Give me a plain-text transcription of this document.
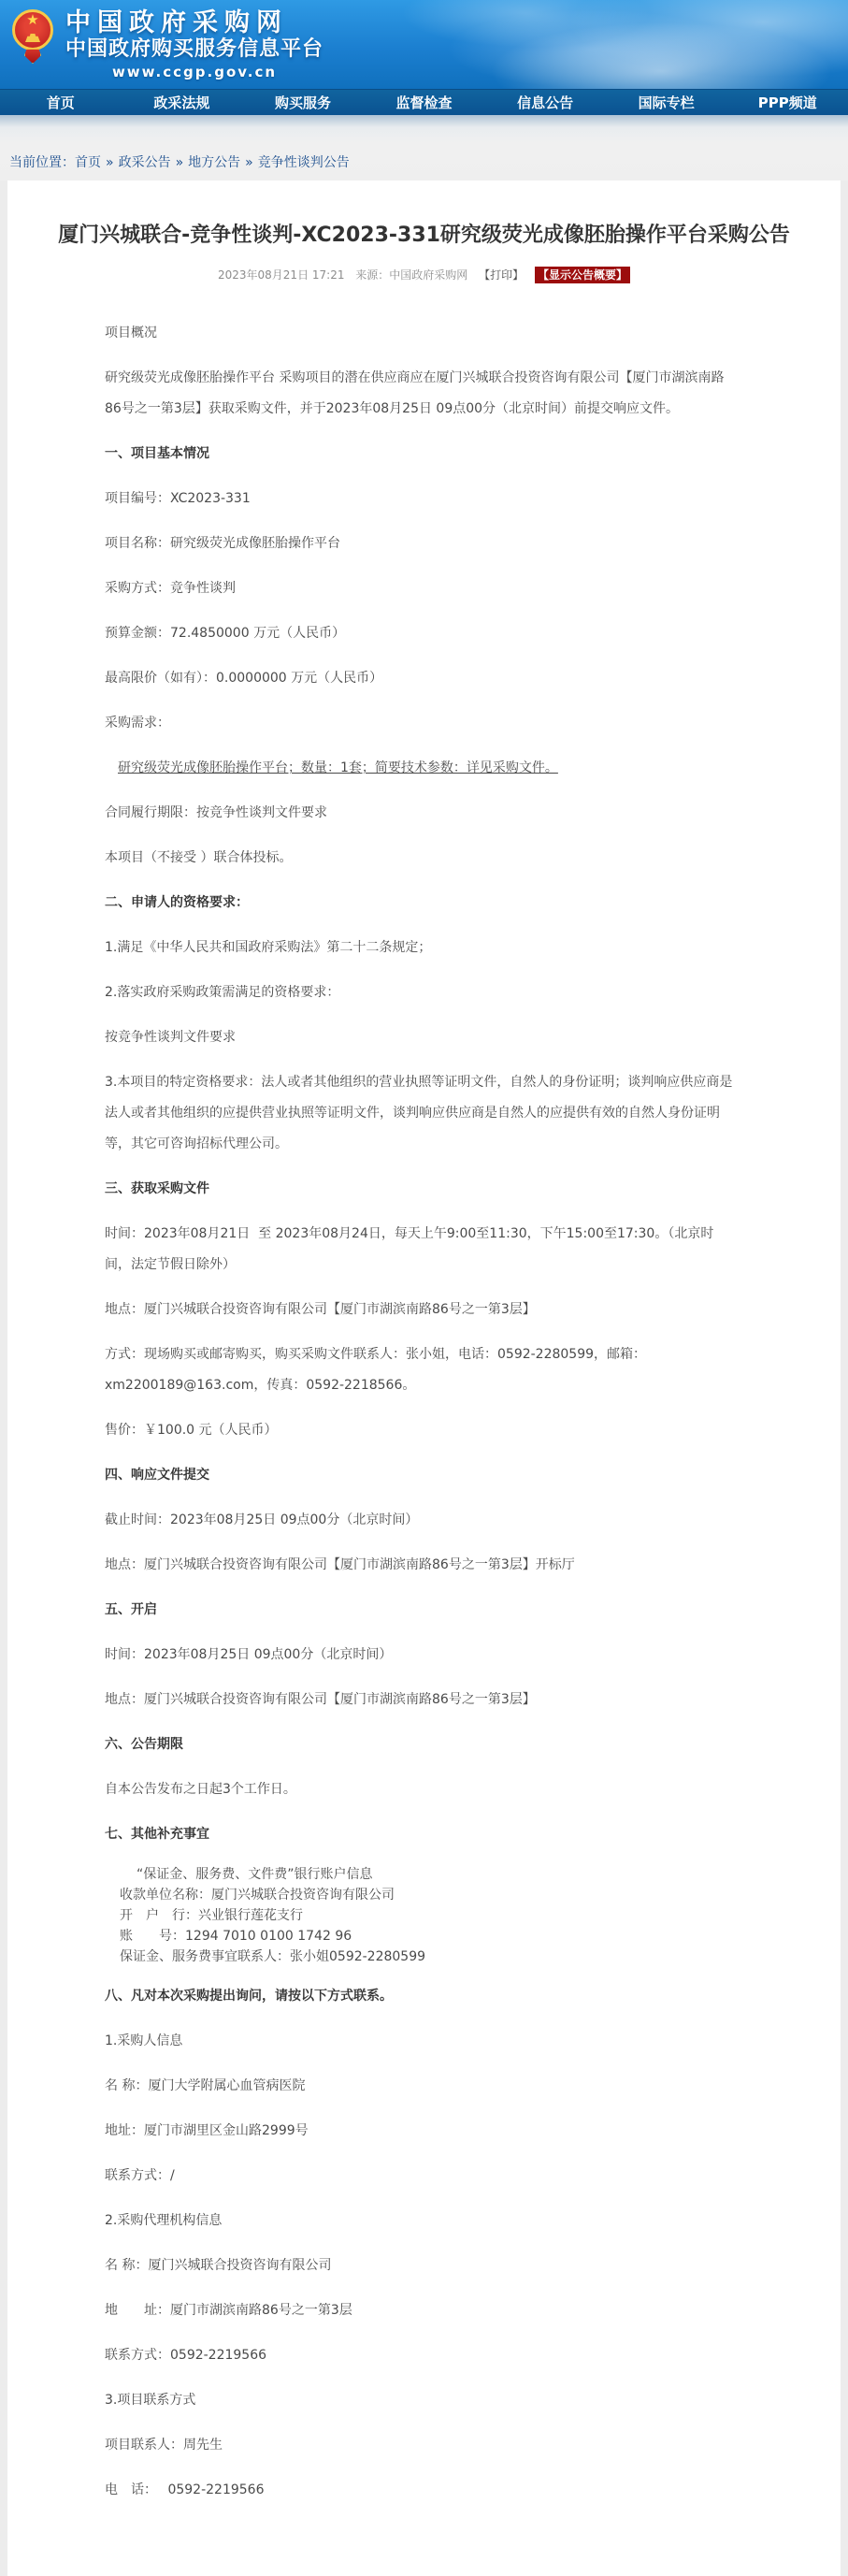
★	中国政府采购网
中国政府购买服务信息平台
www.ccgp.gov.cn
首页	政采法规	购买服务	监督检查	信息公告	国际专栏	PPP频道
当前位置：首页 » 政采公告 » 地方公告 » 竞争性谈判公告
厦门兴城联合-竞争性谈判-XC2023-331研究级荧光成像胚胎操作平台采购公告
2023年08月21日 17:21 来源：中国政府采购网 【打印】 【显示公告概要】
项目概况
研究级荧光成像胚胎操作平台 采购项目的潜在供应商应在厦门兴城联合投资咨询有限公司【厦门市湖滨南路86号之一第3层】获取采购文件，并于2023年08月25日 09点00分（北京时间）前提交响应文件。
一、项目基本情况
项目编号：XC2023-331
项目名称：研究级荧光成像胚胎操作平台
采购方式：竞争性谈判
预算金额：72.4850000 万元（人民币）
最高限价（如有）：0.0000000 万元（人民币）
采购需求：
研究级荧光成像胚胎操作平台；数量：1套；简要技术参数：详见采购文件。
合同履行期限：按竞争性谈判文件要求
本项目（不接受 ）联合体投标。
二、申请人的资格要求：
1.满足《中华人民共和国政府采购法》第二十二条规定；
2.落实政府采购政策需满足的资格要求：
按竞争性谈判文件要求
3.本项目的特定资格要求：法人或者其他组织的营业执照等证明文件，自然人的身份证明；谈判响应供应商是法人或者其他组织的应提供营业执照等证明文件，谈判响应供应商是自然人的应提供有效的自然人身份证明等，其它可咨询招标代理公司。
三、获取采购文件
时间：2023年08月21日  至 2023年08月24日，每天上午9:00至11:30，下午15:00至17:30。（北京时间，法定节假日除外）
地点：厦门兴城联合投资咨询有限公司【厦门市湖滨南路86号之一第3层】
方式：现场购买或邮寄购买，购买采购文件联系人：张小姐，电话：0592-2280599，邮箱：xm2200189@163.com，传真：0592-2218566。
售价：￥100.0 元（人民币）
四、响应文件提交
截止时间：2023年08月25日 09点00分（北京时间）
地点：厦门兴城联合投资咨询有限公司【厦门市湖滨南路86号之一第3层】开标厅
五、开启
时间：2023年08月25日 09点00分（北京时间）
地点：厦门兴城联合投资咨询有限公司【厦门市湖滨南路86号之一第3层】
六、公告期限
自本公告发布之日起3个工作日。
七、其他补充事宜
“保证金、服务费、文件费”银行账户信息
收款单位名称：厦门兴城联合投资咨询有限公司
开　户　行：兴业银行莲花支行
账　　号：1294 7010 0100 1742 96
保证金、服务费事宜联系人：张小姐0592-2280599
八、凡对本次采购提出询问，请按以下方式联系。
1.采购人信息
名 称：厦门大学附属心血管病医院
地址：厦门市湖里区金山路2999号
联系方式：/
2.采购代理机构信息
名 称：厦门兴城联合投资咨询有限公司
地　　址：厦门市湖滨南路86号之一第3层
联系方式：0592-2219566
3.项目联系方式
项目联系人：周先生
电　话：　 0592-2219566
